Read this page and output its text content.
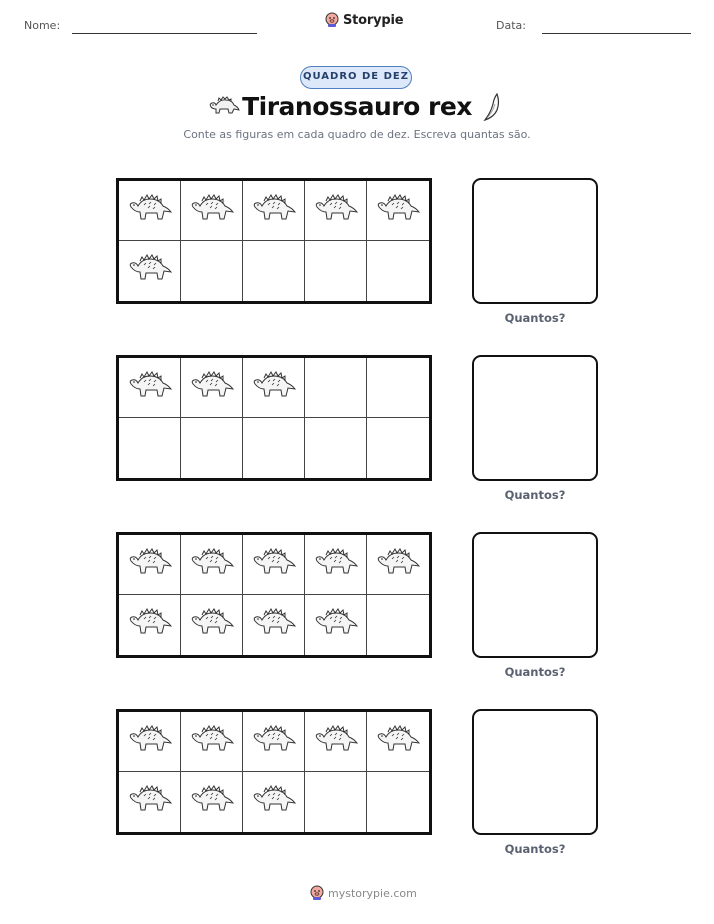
Nome:	Storypie	Data:
QUADRO DE DEZ
Tiranossauro rex
Conte as figuras em cada quadro de dez. Escreva quantas são.
Quantos?
Quantos?
Quantos?
Quantos?
mystorypie.com
